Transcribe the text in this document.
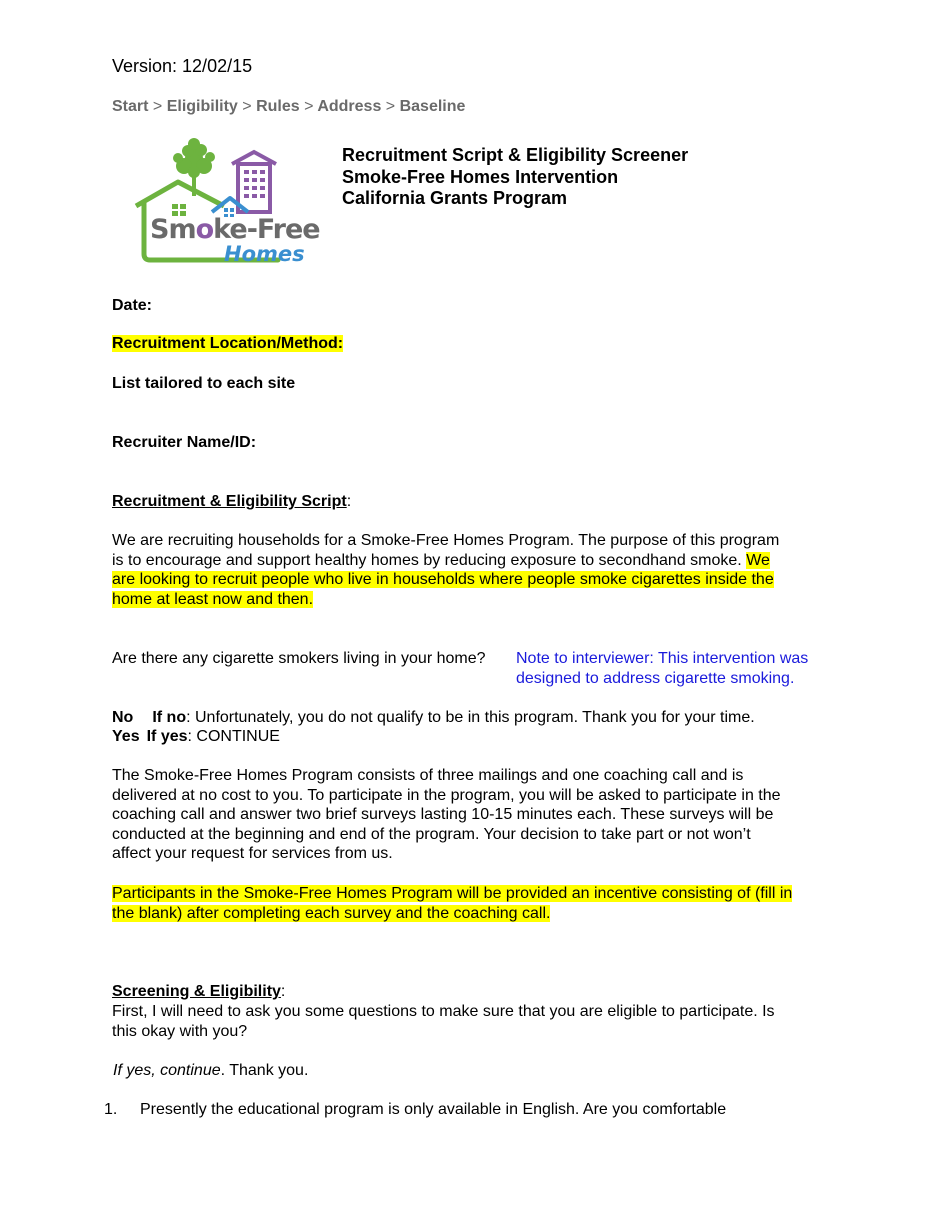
Version: 12/02/15
Start > Eligibility > Rules > Address > Baseline
Smoke-Free
Homes
Recruitment Script & Eligibility Screener
Smoke-Free Homes Intervention
California Grants Program
Date:
Recruitment Location/Method:
List tailored to each site
Recruiter Name/ID:
Recruitment & Eligibility Script:
We are recruiting households for a Smoke-Free Homes Program. The purpose of this program
is to encourage and support healthy homes by reducing exposure to secondhand smoke. We
are looking to recruit people who live in households where people smoke cigarettes inside the
home at least now and then.
Are there any cigarette smokers living in your home? Note to interviewer: This intervention was
designed to address cigarette smoking.
No If no: Unfortunately, you do not qualify to be in this program. Thank you for your time.
Yes If yes: CONTINUE
The Smoke-Free Homes Program consists of three mailings and one coaching call and is
delivered at no cost to you. To participate in the program, you will be asked to participate in the
coaching call and answer two brief surveys lasting 10-15 minutes each. These surveys will be
conducted at the beginning and end of the program. Your decision to take part or not won’t
affect your request for services from us.
Participants in the Smoke-Free Homes Program will be provided an incentive consisting of (fill in
the blank) after completing each survey and the coaching call.
Screening & Eligibility:
First, I will need to ask you some questions to make sure that you are eligible to participate. Is
this okay with you?
If yes, continue. Thank you.
1. Presently the educational program is only available in English. Are you comfortable
